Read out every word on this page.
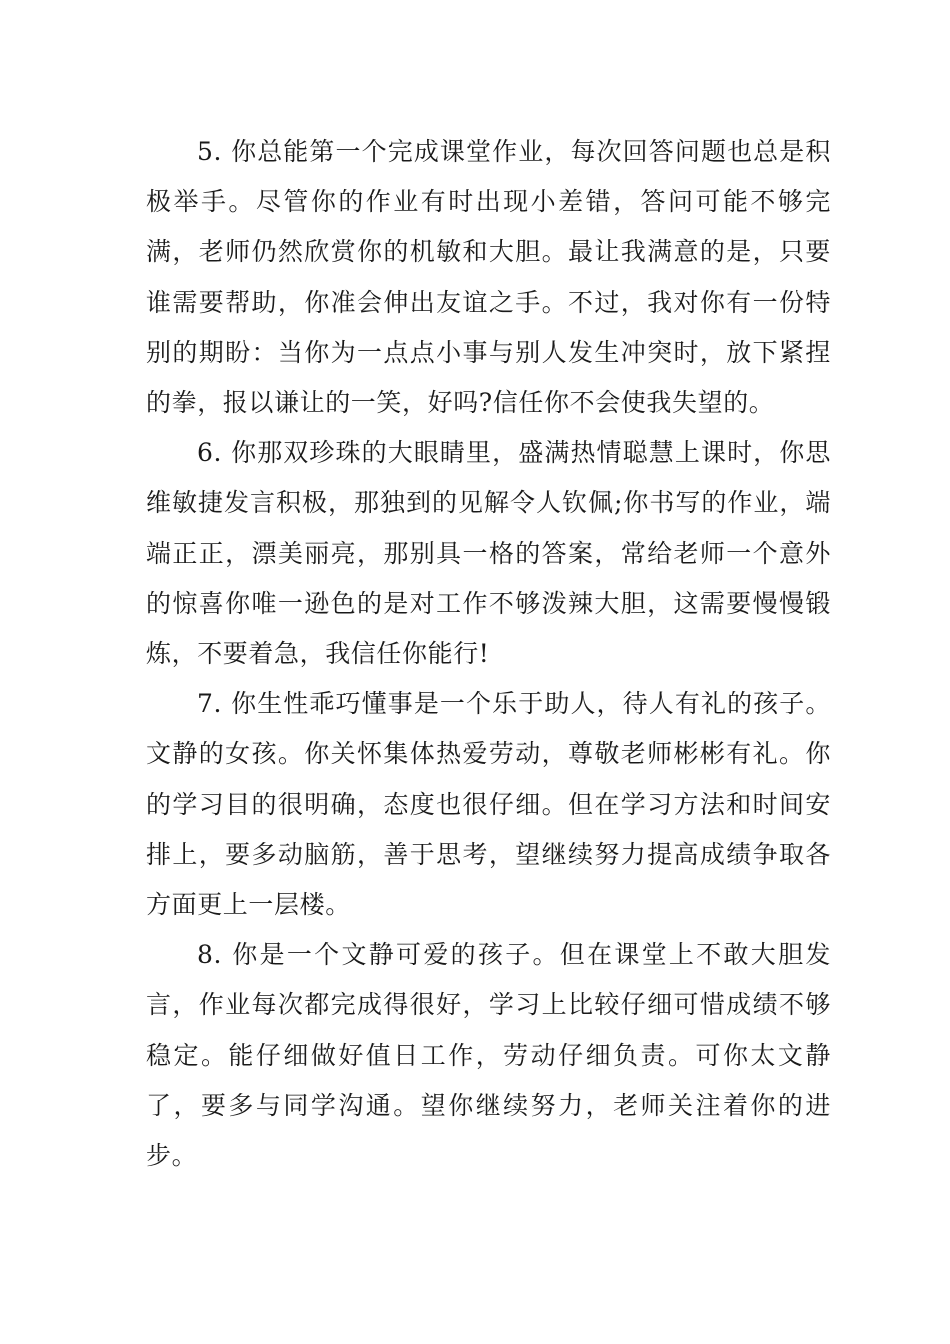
5. 你总能第一个完成课堂作业，每次回答问题也总是积极举手。尽管你的作业有时出现小差错，答问可能不够完满，老师仍然欣赏你的机敏和大胆。最让我满意的是，只要谁需要帮助，你准会伸出友谊之手。不过，我对你有一份特别的期盼：当你为一点点小事与别人发生冲突时，放下紧捏的拳，报以谦让的一笑，好吗?信任你不会使我失望的。

6. 你那双珍珠的大眼睛里，盛满热情聪慧上课时，你思维敏捷发言积极，那独到的见解令人钦佩;你书写的作业，端端正正，漂美丽亮，那别具一格的答案，常给老师一个意外的惊喜你唯一逊色的是对工作不够泼辣大胆，这需要慢慢锻炼，不要着急，我信任你能行!

7. 你生性乖巧懂事是一个乐于助人，待人有礼的孩子。文静的女孩。你关怀集体热爱劳动，尊敬老师彬彬有礼。你的学习目的很明确，态度也很仔细。但在学习方法和时间安排上，要多动脑筋，善于思考，望继续努力提高成绩争取各方面更上一层楼。

8. 你是一个文静可爱的孩子。但在课堂上不敢大胆发言，作业每次都完成得很好，学习上比较仔细可惜成绩不够稳定。能仔细做好值日工作，劳动仔细负责。可你太文静了，要多与同学沟通。望你继续努力，老师关注着你的进步。
